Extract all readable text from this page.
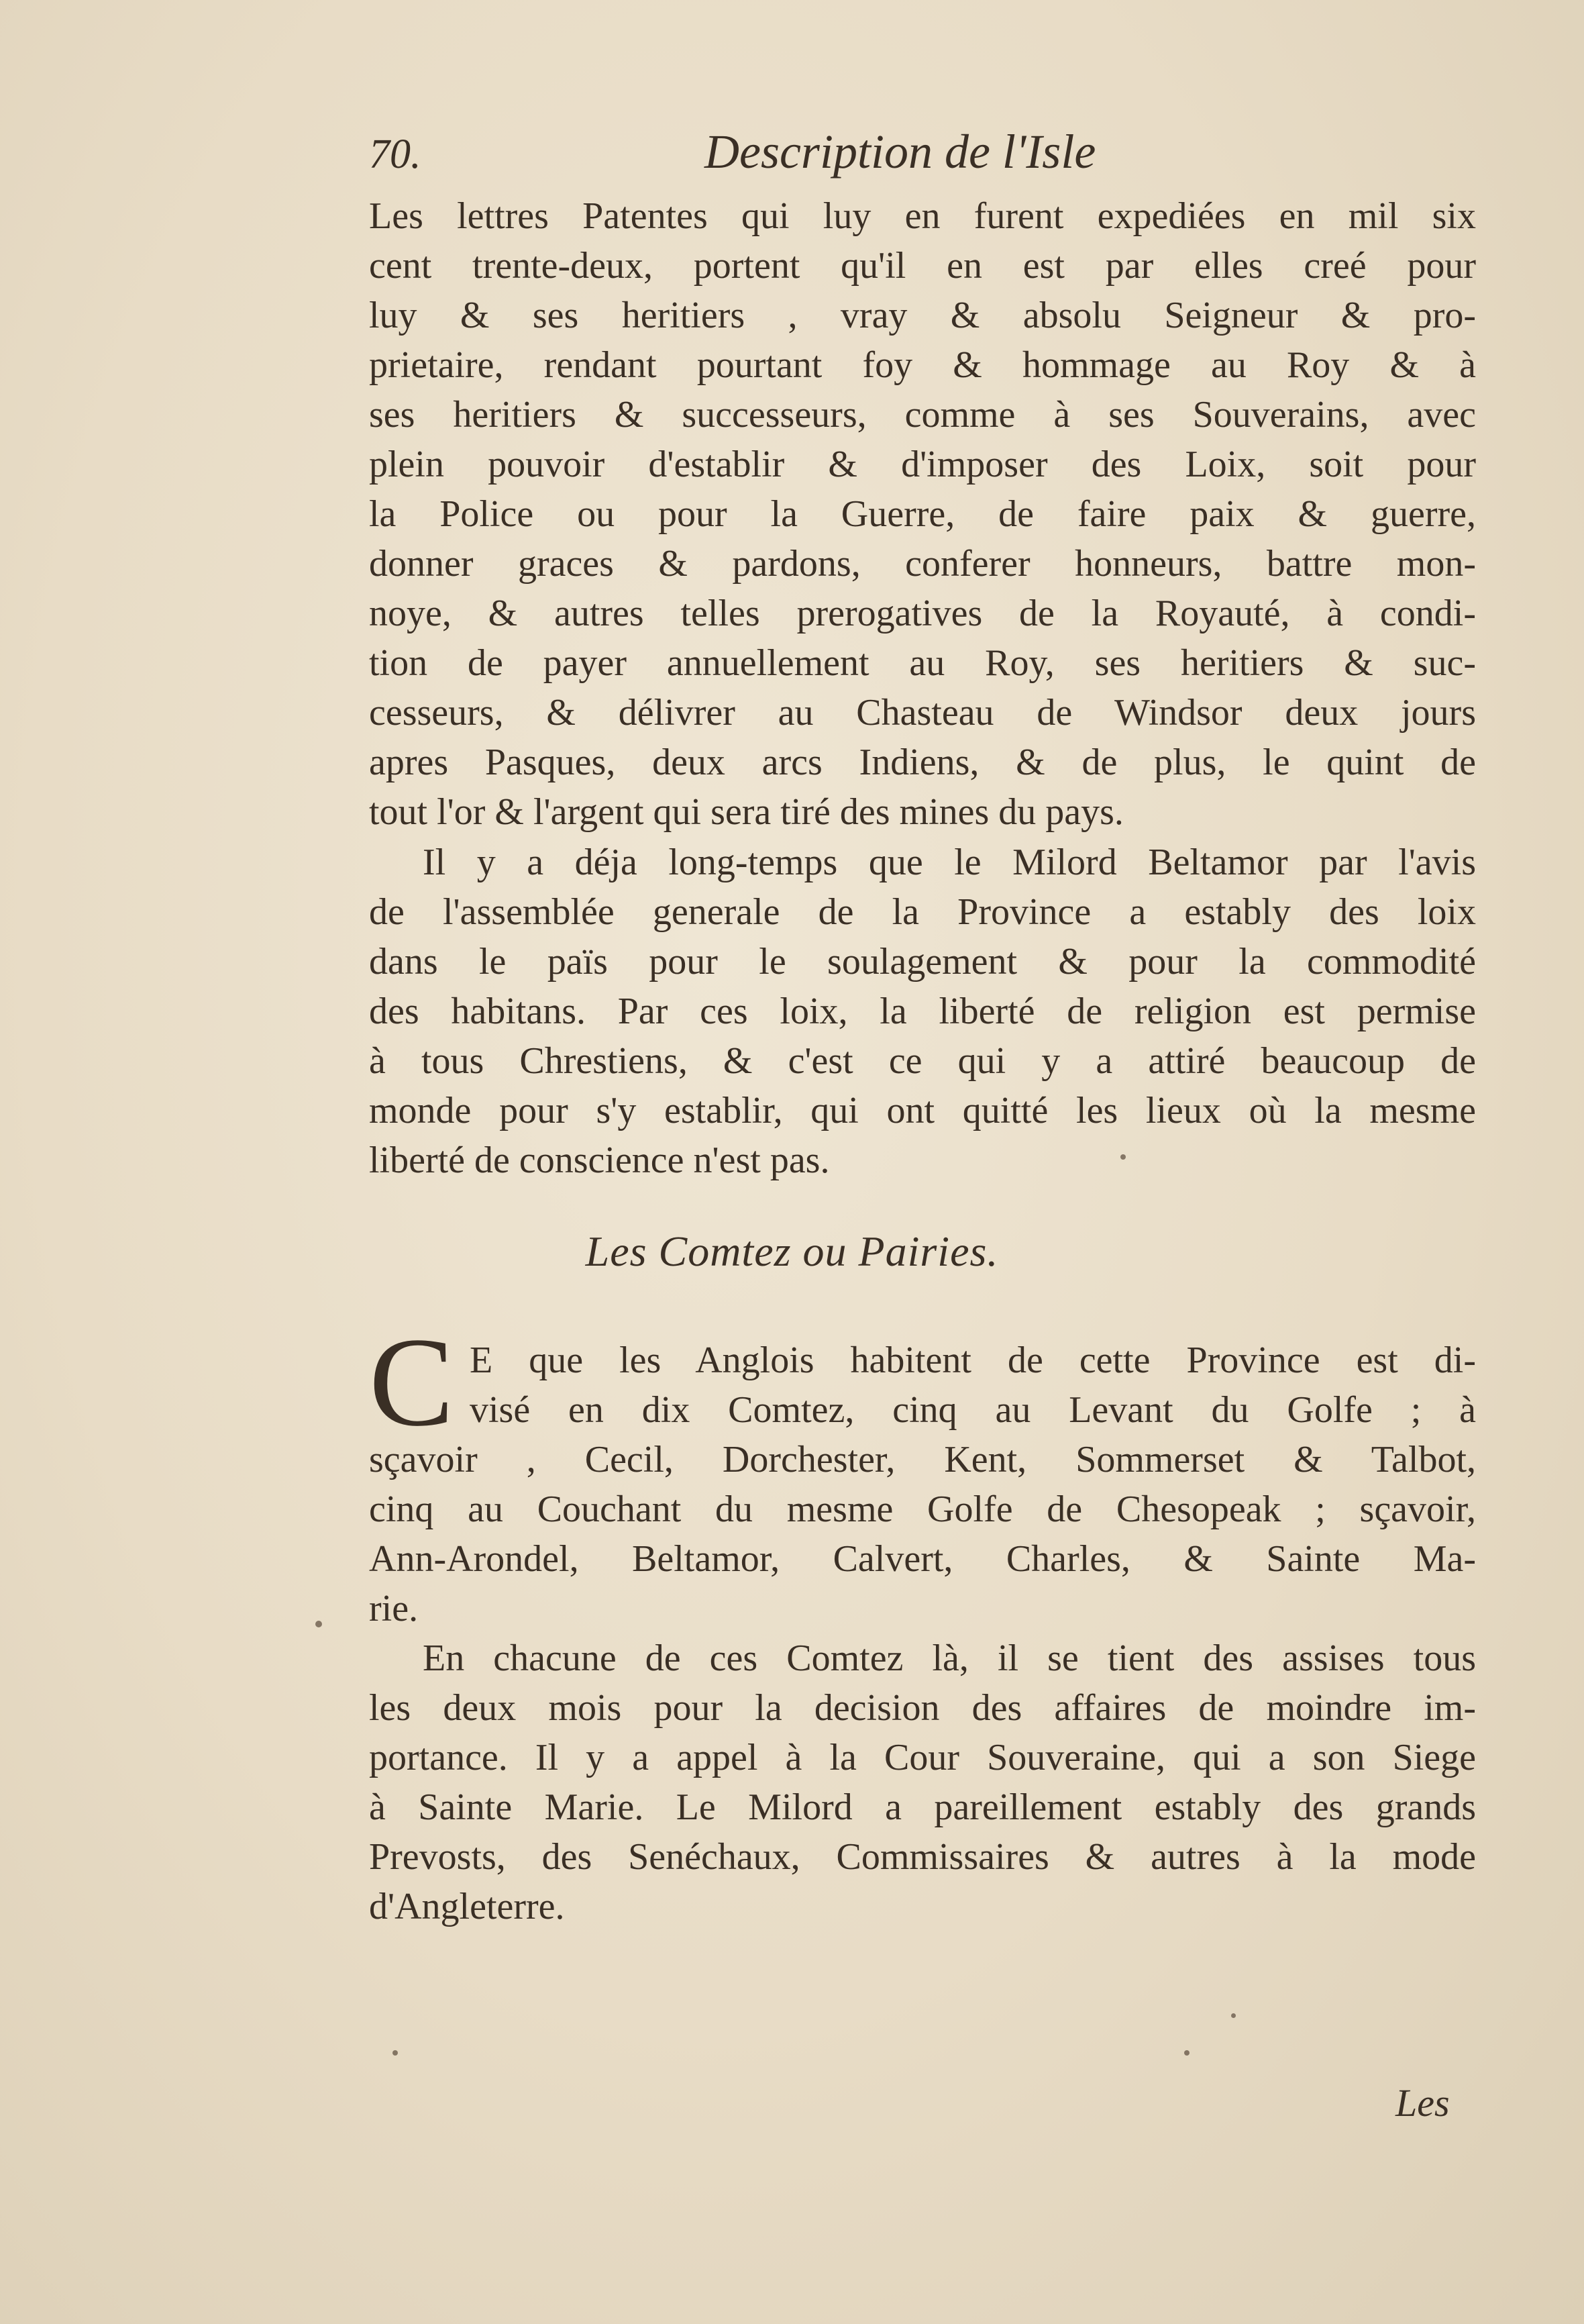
70.	Description de l'Isle
Les lettres Patentes qui luy en furent expediées en mil six
cent trente-deux, portent qu'il en est par elles creé pour
luy & ses heritiers , vray & absolu Seigneur & pro-
prietaire, rendant pourtant foy & hommage au Roy & à
ses heritiers & successeurs, comme à ses Souverains, avec
plein pouvoir d'establir & d'imposer des Loix, soit pour
la Police ou pour la Guerre, de faire paix & guerre,
donner graces & pardons, conferer honneurs, battre mon-
noye, & autres telles prerogatives de la Royauté, à condi-
tion de payer annuellement au Roy, ses heritiers & suc-
cesseurs, & délivrer au Chasteau de Windsor deux jours
apres Pasques, deux arcs Indiens, & de plus, le quint de
tout l'or & l'argent qui sera tiré des mines du pays.
Il y a déja long-temps que le Milord Beltamor par l'avis
de l'assemblée generale de la Province a estably des loix
dans le païs pour le soulagement & pour la commodité
des habitans. Par ces loix, la liberté de religion est permise
à tous Chrestiens, & c'est ce qui y a attiré beaucoup de
monde pour s'y establir, qui ont quitté les lieux où la mesme
liberté de conscience n'est pas.
Les Comtez ou Pairies.
C E que les Anglois habitent de cette Province est di-
visé en dix Comtez, cinq au Levant du Golfe ; à
sçavoir , Cecil, Dorchester, Kent, Sommerset & Talbot,
cinq au Couchant du mesme Golfe de Chesopeak ; sçavoir,
Ann-Arondel, Beltamor, Calvert, Charles, & Sainte Ma-
rie.
En chacune de ces Comtez là, il se tient des assises tous
les deux mois pour la decision des affaires de moindre im-
portance. Il y a appel à la Cour Souveraine, qui a son Siege
à Sainte Marie. Le Milord a pareillement estably des grands
Prevosts, des Senéchaux, Commissaires & autres à la mode
d'Angleterre.
Les
